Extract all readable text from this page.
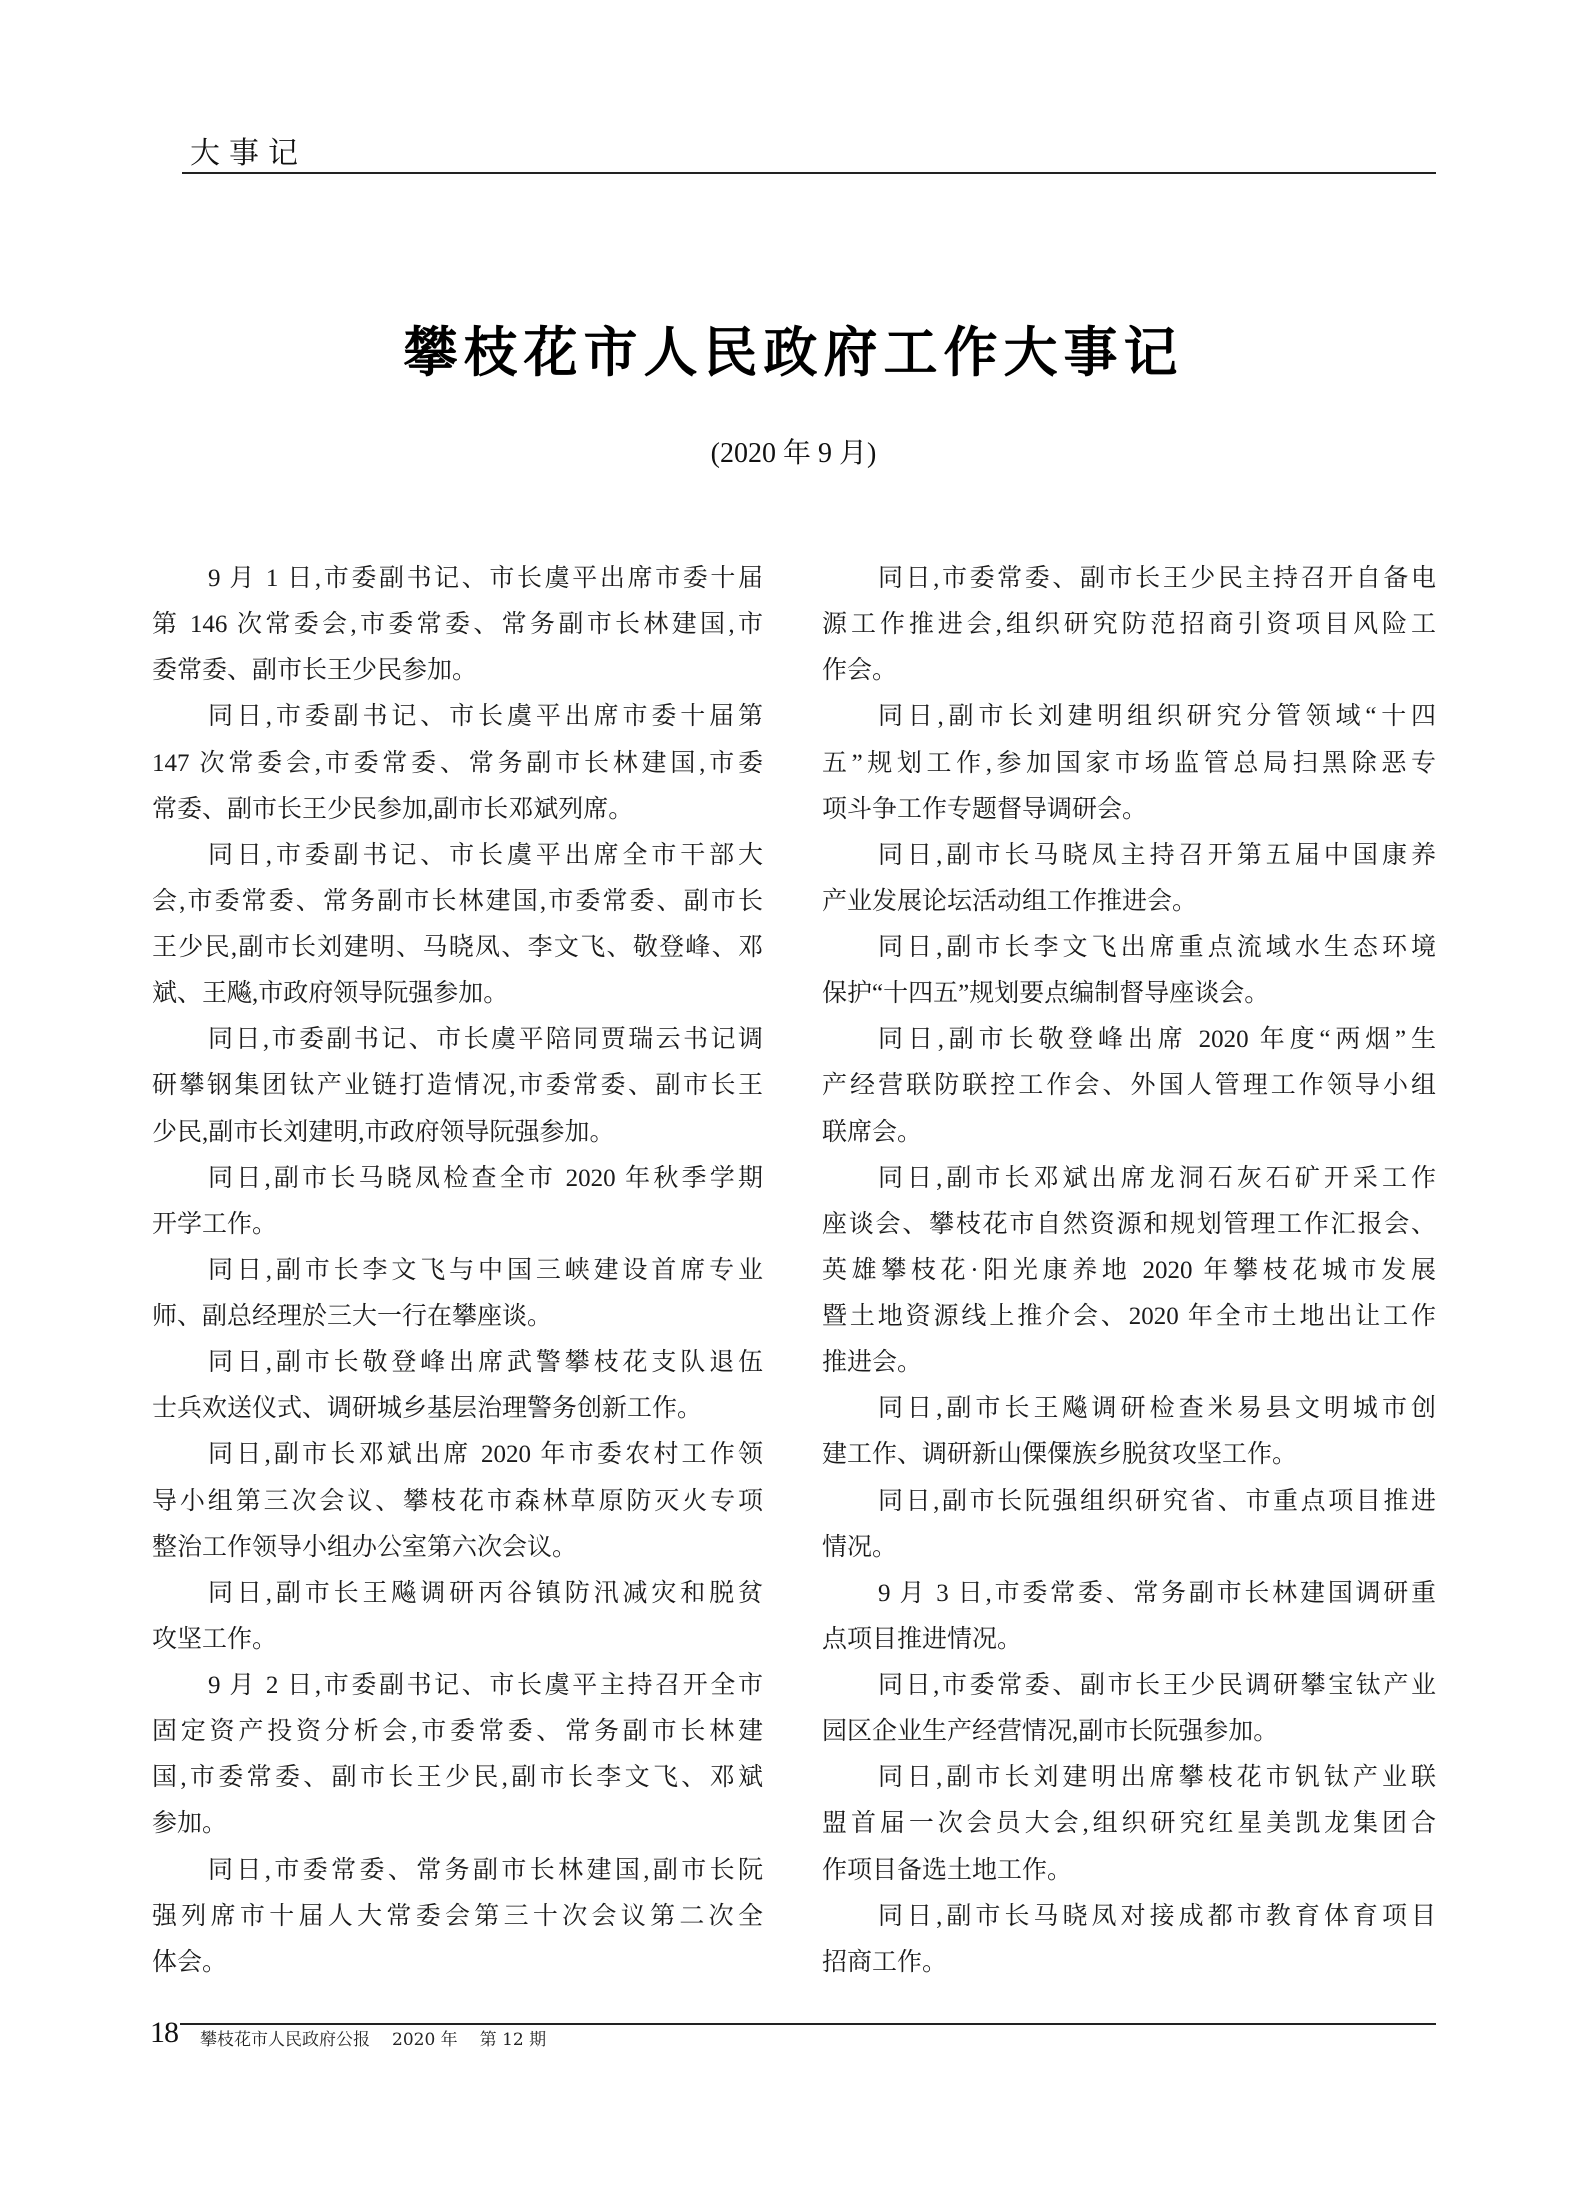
大事记
攀枝花市人民政府工作大事记
(2020 年 9 月)
9 月 1 日,市委副书记、市长虞平出席市委十届
第 146 次常委会,市委常委、常务副市长林建国,市
委常委、副市长王少民参加。
同日,市委副书记、市长虞平出席市委十届第
147 次常委会,市委常委、常务副市长林建国,市委
常委、副市长王少民参加,副市长邓斌列席。
同日,市委副书记、市长虞平出席全市干部大
会,市委常委、常务副市长林建国,市委常委、副市长
王少民,副市长刘建明、马晓凤、李文飞、敬登峰、邓
斌、王飚,市政府领导阮强参加。
同日,市委副书记、市长虞平陪同贾瑞云书记调
研攀钢集团钛产业链打造情况,市委常委、副市长王
少民,副市长刘建明,市政府领导阮强参加。
同日,副市长马晓凤检查全市 2020 年秋季学期
开学工作。
同日,副市长李文飞与中国三峡建设首席专业
师、副总经理於三大一行在攀座谈。
同日,副市长敬登峰出席武警攀枝花支队退伍
士兵欢送仪式、调研城乡基层治理警务创新工作。
同日,副市长邓斌出席 2020 年市委农村工作领
导小组第三次会议、攀枝花市森林草原防灭火专项
整治工作领导小组办公室第六次会议。
同日,副市长王飚调研丙谷镇防汛减灾和脱贫
攻坚工作。
9 月 2 日,市委副书记、市长虞平主持召开全市
固定资产投资分析会,市委常委、常务副市长林建
国,市委常委、副市长王少民,副市长李文飞、邓斌
参加。
同日,市委常委、常务副市长林建国,副市长阮
强列席市十届人大常委会第三十次会议第二次全
体会。
同日,市委常委、副市长王少民主持召开自备电
源工作推进会,组织研究防范招商引资项目风险工
作会。
同日,副市长刘建明组织研究分管领域“十四
五”规划工作,参加国家市场监管总局扫黑除恶专
项斗争工作专题督导调研会。
同日,副市长马晓凤主持召开第五届中国康养
产业发展论坛活动组工作推进会。
同日,副市长李文飞出席重点流域水生态环境
保护“十四五”规划要点编制督导座谈会。
同日,副市长敬登峰出席 2020 年度“两烟”生
产经营联防联控工作会、外国人管理工作领导小组
联席会。
同日,副市长邓斌出席龙洞石灰石矿开采工作
座谈会、攀枝花市自然资源和规划管理工作汇报会、
英雄攀枝花·阳光康养地 2020 年攀枝花城市发展
暨土地资源线上推介会、2020 年全市土地出让工作
推进会。
同日,副市长王飚调研检查米易县文明城市创
建工作、调研新山傈僳族乡脱贫攻坚工作。
同日,副市长阮强组织研究省、市重点项目推进
情况。
9 月 3 日,市委常委、常务副市长林建国调研重
点项目推进情况。
同日,市委常委、副市长王少民调研攀宝钛产业
园区企业生产经营情况,副市长阮强参加。
同日,副市长刘建明出席攀枝花市钒钛产业联
盟首届一次会员大会,组织研究红星美凯龙集团合
作项目备选土地工作。
同日,副市长马晓凤对接成都市教育体育项目
招商工作。
18 攀枝花市人民政府公报 2020 年 第 12 期
